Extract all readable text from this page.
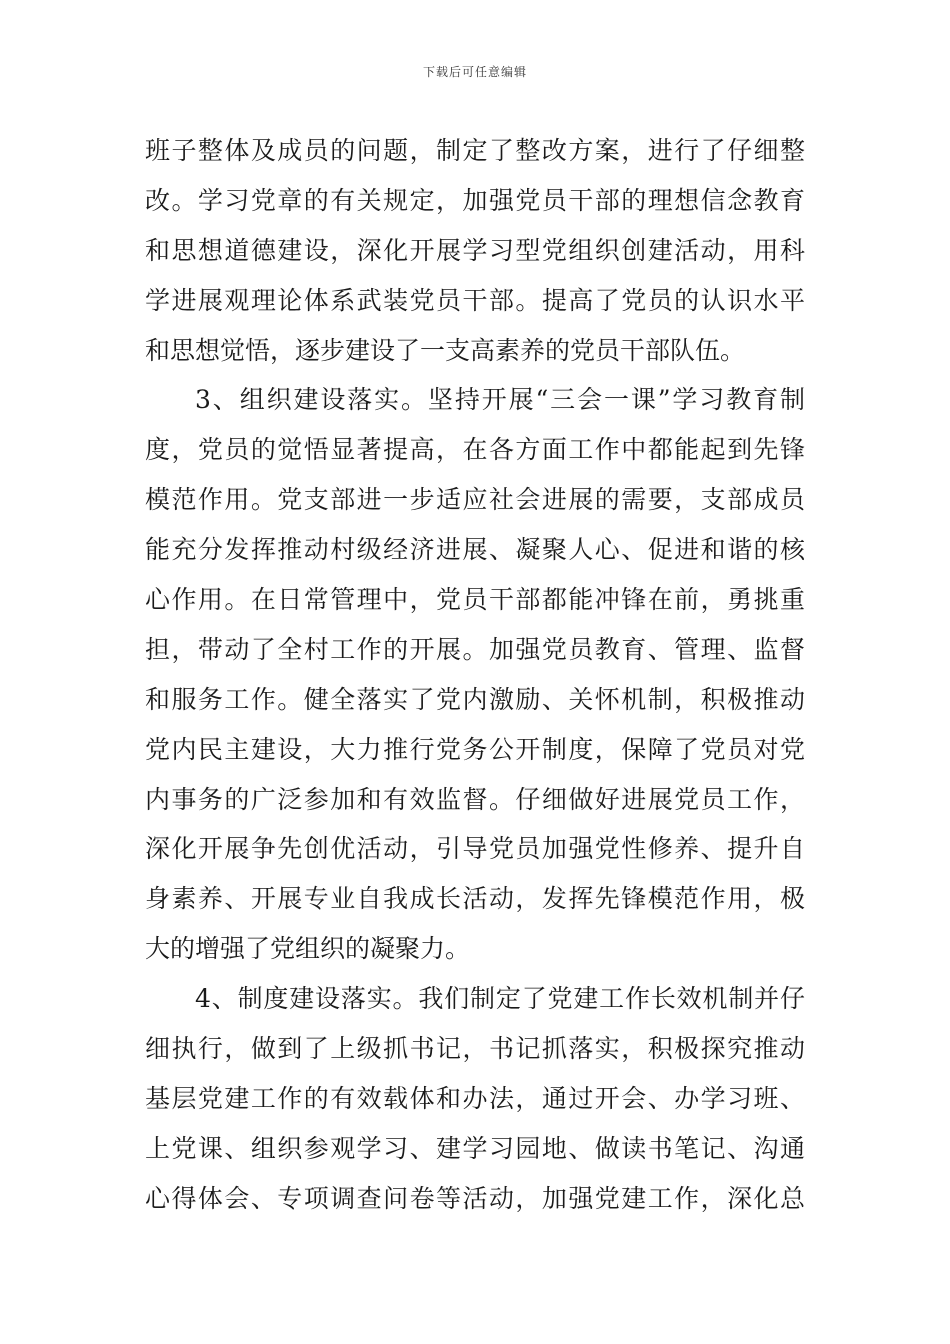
下载后可任意编辑
班子整体及成员的问题，制定了整改方案，进行了仔细整
改。学习党章的有关规定，加强党员干部的理想信念教育
和思想道德建设，深化开展学习型党组织创建活动，用科
学进展观理论体系武装党员干部。提高了党员的认识水平
和思想觉悟，逐步建设了一支高素养的党员干部队伍。
3、组织建设落实。坚持开展“三会一课”学习教育制
度，党员的觉悟显著提高，在各方面工作中都能起到先锋
模范作用。党支部进一步适应社会进展的需要，支部成员
能充分发挥推动村级经济进展、凝聚人心、促进和谐的核
心作用。在日常管理中，党员干部都能冲锋在前，勇挑重
担，带动了全村工作的开展。加强党员教育、管理、监督
和服务工作。健全落实了党内激励、关怀机制，积极推动
党内民主建设，大力推行党务公开制度，保障了党员对党
内事务的广泛参加和有效监督。仔细做好进展党员工作，
深化开展争先创优活动，引导党员加强党性修养、提升自
身素养、开展专业自我成长活动，发挥先锋模范作用，极
大的增强了党组织的凝聚力。
4、制度建设落实。我们制定了党建工作长效机制并仔
细执行，做到了上级抓书记，书记抓落实，积极探究推动
基层党建工作的有效载体和办法，通过开会、办学习班、
上党课、组织参观学习、建学习园地、做读书笔记、沟通
心得体会、专项调查问卷等活动，加强党建工作，深化总
